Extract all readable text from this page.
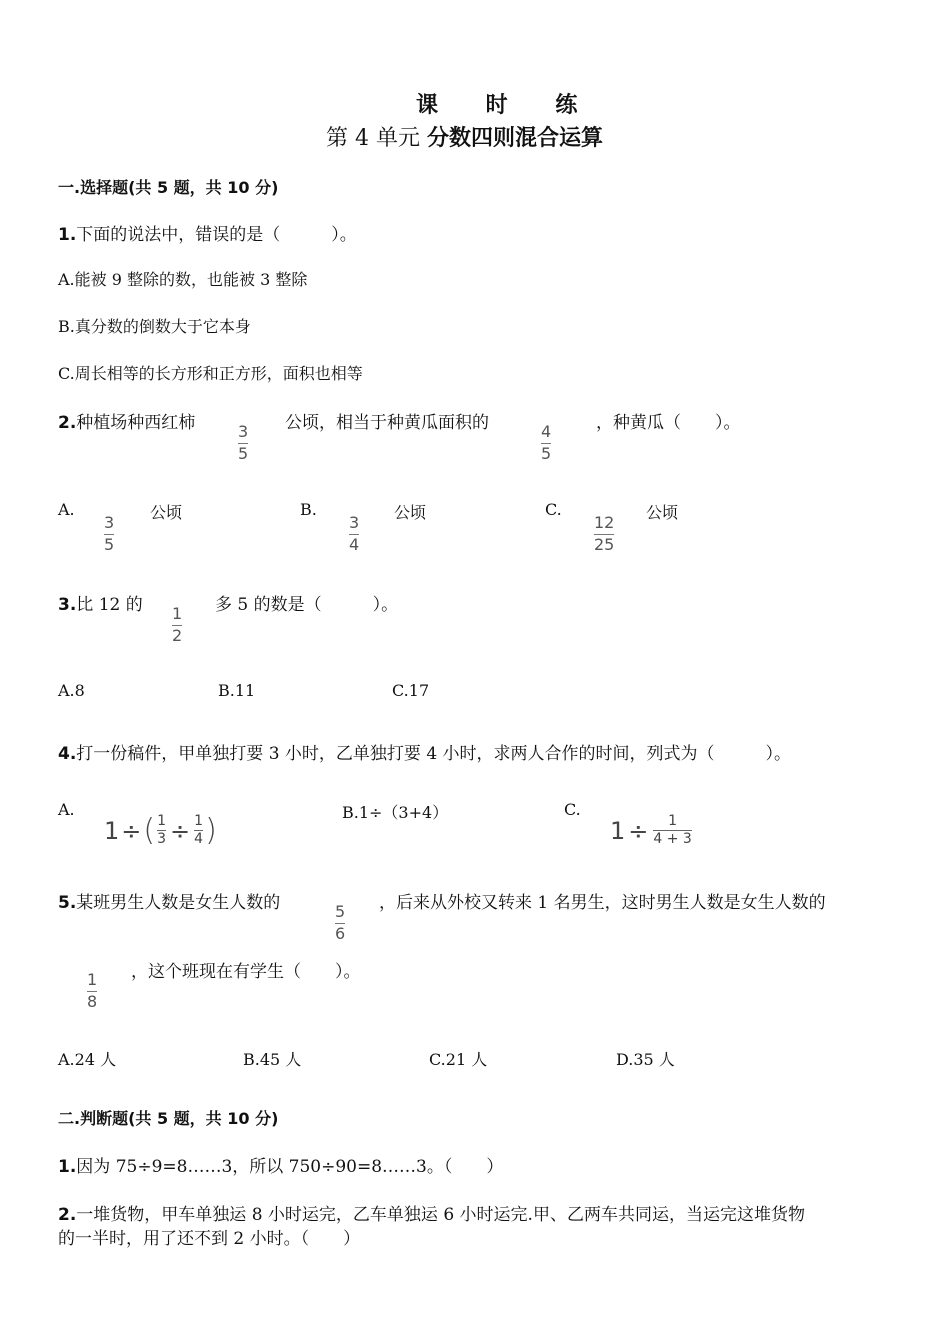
课 时 练
第 4 单元 分数四则混合运算
一.选择题(共 5 题，共 10 分)
1.下面的说法中，错误的是（　　　）。
A.能被 9 整除的数，也能被 3 整除
B.真分数的倒数大于它本身
C.周长相等的长方形和正方形，面积也相等
2.种植场种西红柿	3
5
公顷，相当于种黄瓜面积的	4
5
，种黄瓜（　　）。
A.
3
5
公顷	B.
3
4
公顷	C.
12
25
公顷
3.比 12 的 1
2
多 5 的数是（　　　）。
A.8	B.11	C.17
4.打一份稿件，甲单独打要 3 小时，乙单独打要 4 小时，求两人合作的时间，列式为（　　　）。
A.
1 ÷ ( 1
3 ÷ 1
4 )	B.1÷（3+4）	C.
1 ÷ 1
4 + 3
5.某班男生人数是女生人数的	5
6
，后来从外校又转来 1 名男生，这时男生人数是女生人数的
1
8
，这个班现在有学生（　　）。
A.24 人	B.45 人	C.21 人	D.35 人
二.判断题(共 5 题，共 10 分)
1.因为 75÷9=8……3，所以 750÷90=8……3。（　　）
2.一堆货物，甲车单独运 8 小时运完，乙车单独运 6 小时运完.甲、乙两车共同运，当运完这堆货物
的一半时，用了还不到 2 小时。（　　）
